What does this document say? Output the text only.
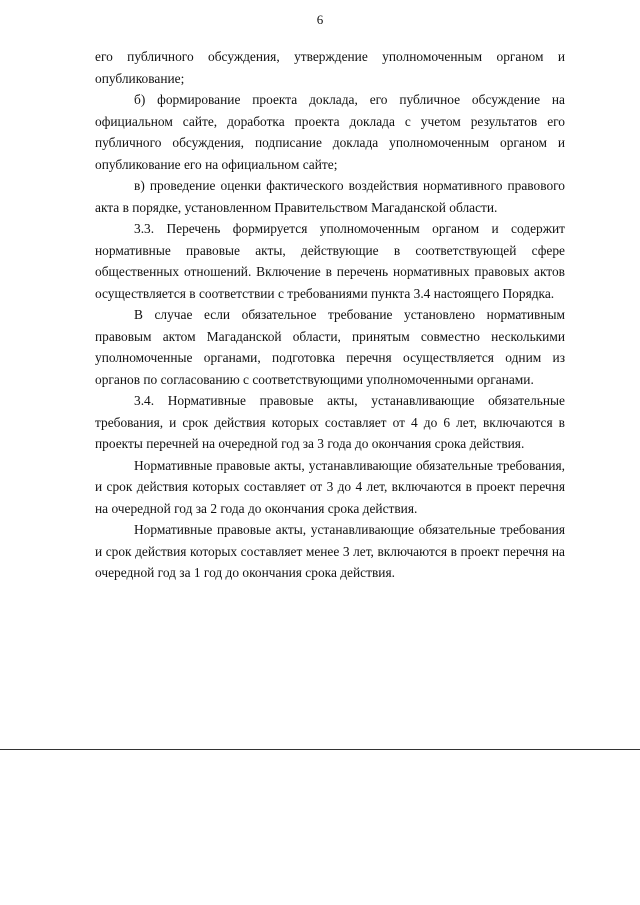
6

его публичного обсуждения, утверждение уполномоченным органом и опубликование;

б) формирование проекта доклада, его публичное обсуждение на официальном сайте, доработка проекта доклада с учетом результатов его публичного обсуждения, подписание доклада уполномоченным органом и опубликование его на официальном сайте;

в) проведение оценки фактического воздействия нормативного правового акта в порядке, установленном Правительством Магаданской области.

3.3. Перечень формируется уполномоченным органом и содержит нормативные правовые акты, действующие в соответствующей сфере общественных отношений. Включение в перечень нормативных правовых актов осуществляется в соответствии с требованиями пункта 3.4 настоящего Порядка.

В случае если обязательное требование установлено нормативным правовым актом Магаданской области, принятым совместно несколькими уполномоченные органами, подготовка перечня осуществляется одним из органов по согласованию с соответствующими уполномоченными органами.

3.4. Нормативные правовые акты, устанавливающие обязательные требования, и срок действия которых составляет от 4 до 6 лет, включаются в проекты перечней на очередной год за 3 года до окончания срока действия.

Нормативные правовые акты, устанавливающие обязательные требования, и срок действия которых составляет от 3 до 4 лет, включаются в проект перечня на очередной год за 2 года до окончания срока действия.

Нормативные правовые акты, устанавливающие обязательные требования и срок действия которых составляет менее 3 лет, включаются в проект перечня на очередной год за 1 год до окончания срока действия.
